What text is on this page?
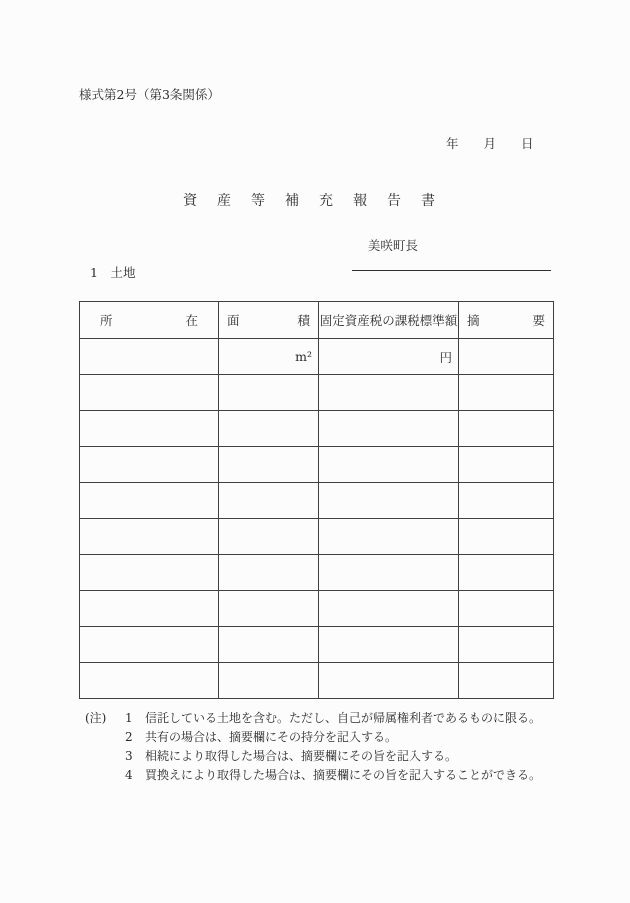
様式第2号（第3条関係）
年　　月　　日
資産等補充報告書

美咲町長

1　土地
所 在	面 積	固定資産税の課税標準額	摘 要

	m²	円	

(注)	1	信託している土地を含む。ただし、自己が帰属権利者であるものに限る。
2	共有の場合は、摘要欄にその持分を記入する。
3	相続により取得した場合は、摘要欄にその旨を記入する。
4	買換えにより取得した場合は、摘要欄にその旨を記入することができる。
